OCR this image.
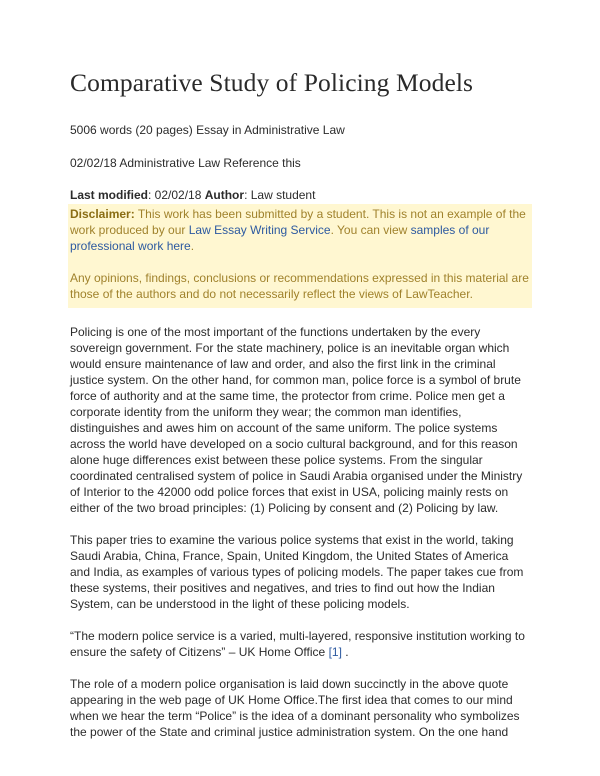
Comparative Study of Policing Models
5006 words (20 pages) Essay in Administrative Law
02/02/18 Administrative Law Reference this
Last modified: 02/02/18 Author: Law student

Disclaimer: This work has been submitted by a student. This is not an example of the work produced by our Law Essay Writing Service. You can view samples of our professional work here.

Any opinions, findings, conclusions or recommendations expressed in this material are those of the authors and do not necessarily reflect the views of LawTeacher.

Policing is one of the most important of the functions undertaken by the every sovereign government. For the state machinery, police is an inevitable organ which would ensure maintenance of law and order, and also the first link in the criminal justice system. On the other hand, for common man, police force is a symbol of brute force of authority and at the same time, the protector from crime. Police men get a corporate identity from the uniform they wear; the common man identifies, distinguishes and awes him on account of the same uniform. The police systems across the world have developed on a socio cultural background, and for this reason alone huge differences exist between these police systems. From the singular coordinated centralised system of police in Saudi Arabia organised under the Ministry of Interior to the 42000 odd police forces that exist in USA, policing mainly rests on either of the two broad principles: (1) Policing by consent and (2) Policing by law.

This paper tries to examine the various police systems that exist in the world, taking Saudi Arabia, China, France, Spain, United Kingdom, the United States of America and India, as examples of various types of policing models. The paper takes cue from these systems, their positives and negatives, and tries to find out how the Indian System, can be understood in the light of these policing models.

“The modern police service is a varied, multi-layered, responsive institution working to ensure the safety of Citizens” – UK Home Office [1] .

The role of a modern police organisation is laid down succinctly in the above quote appearing in the web page of UK Home Office.The first idea that comes to our mind when we hear the term “Police” is the idea of a dominant personality who symbolizes the power of the State and criminal justice administration system. On the one hand
